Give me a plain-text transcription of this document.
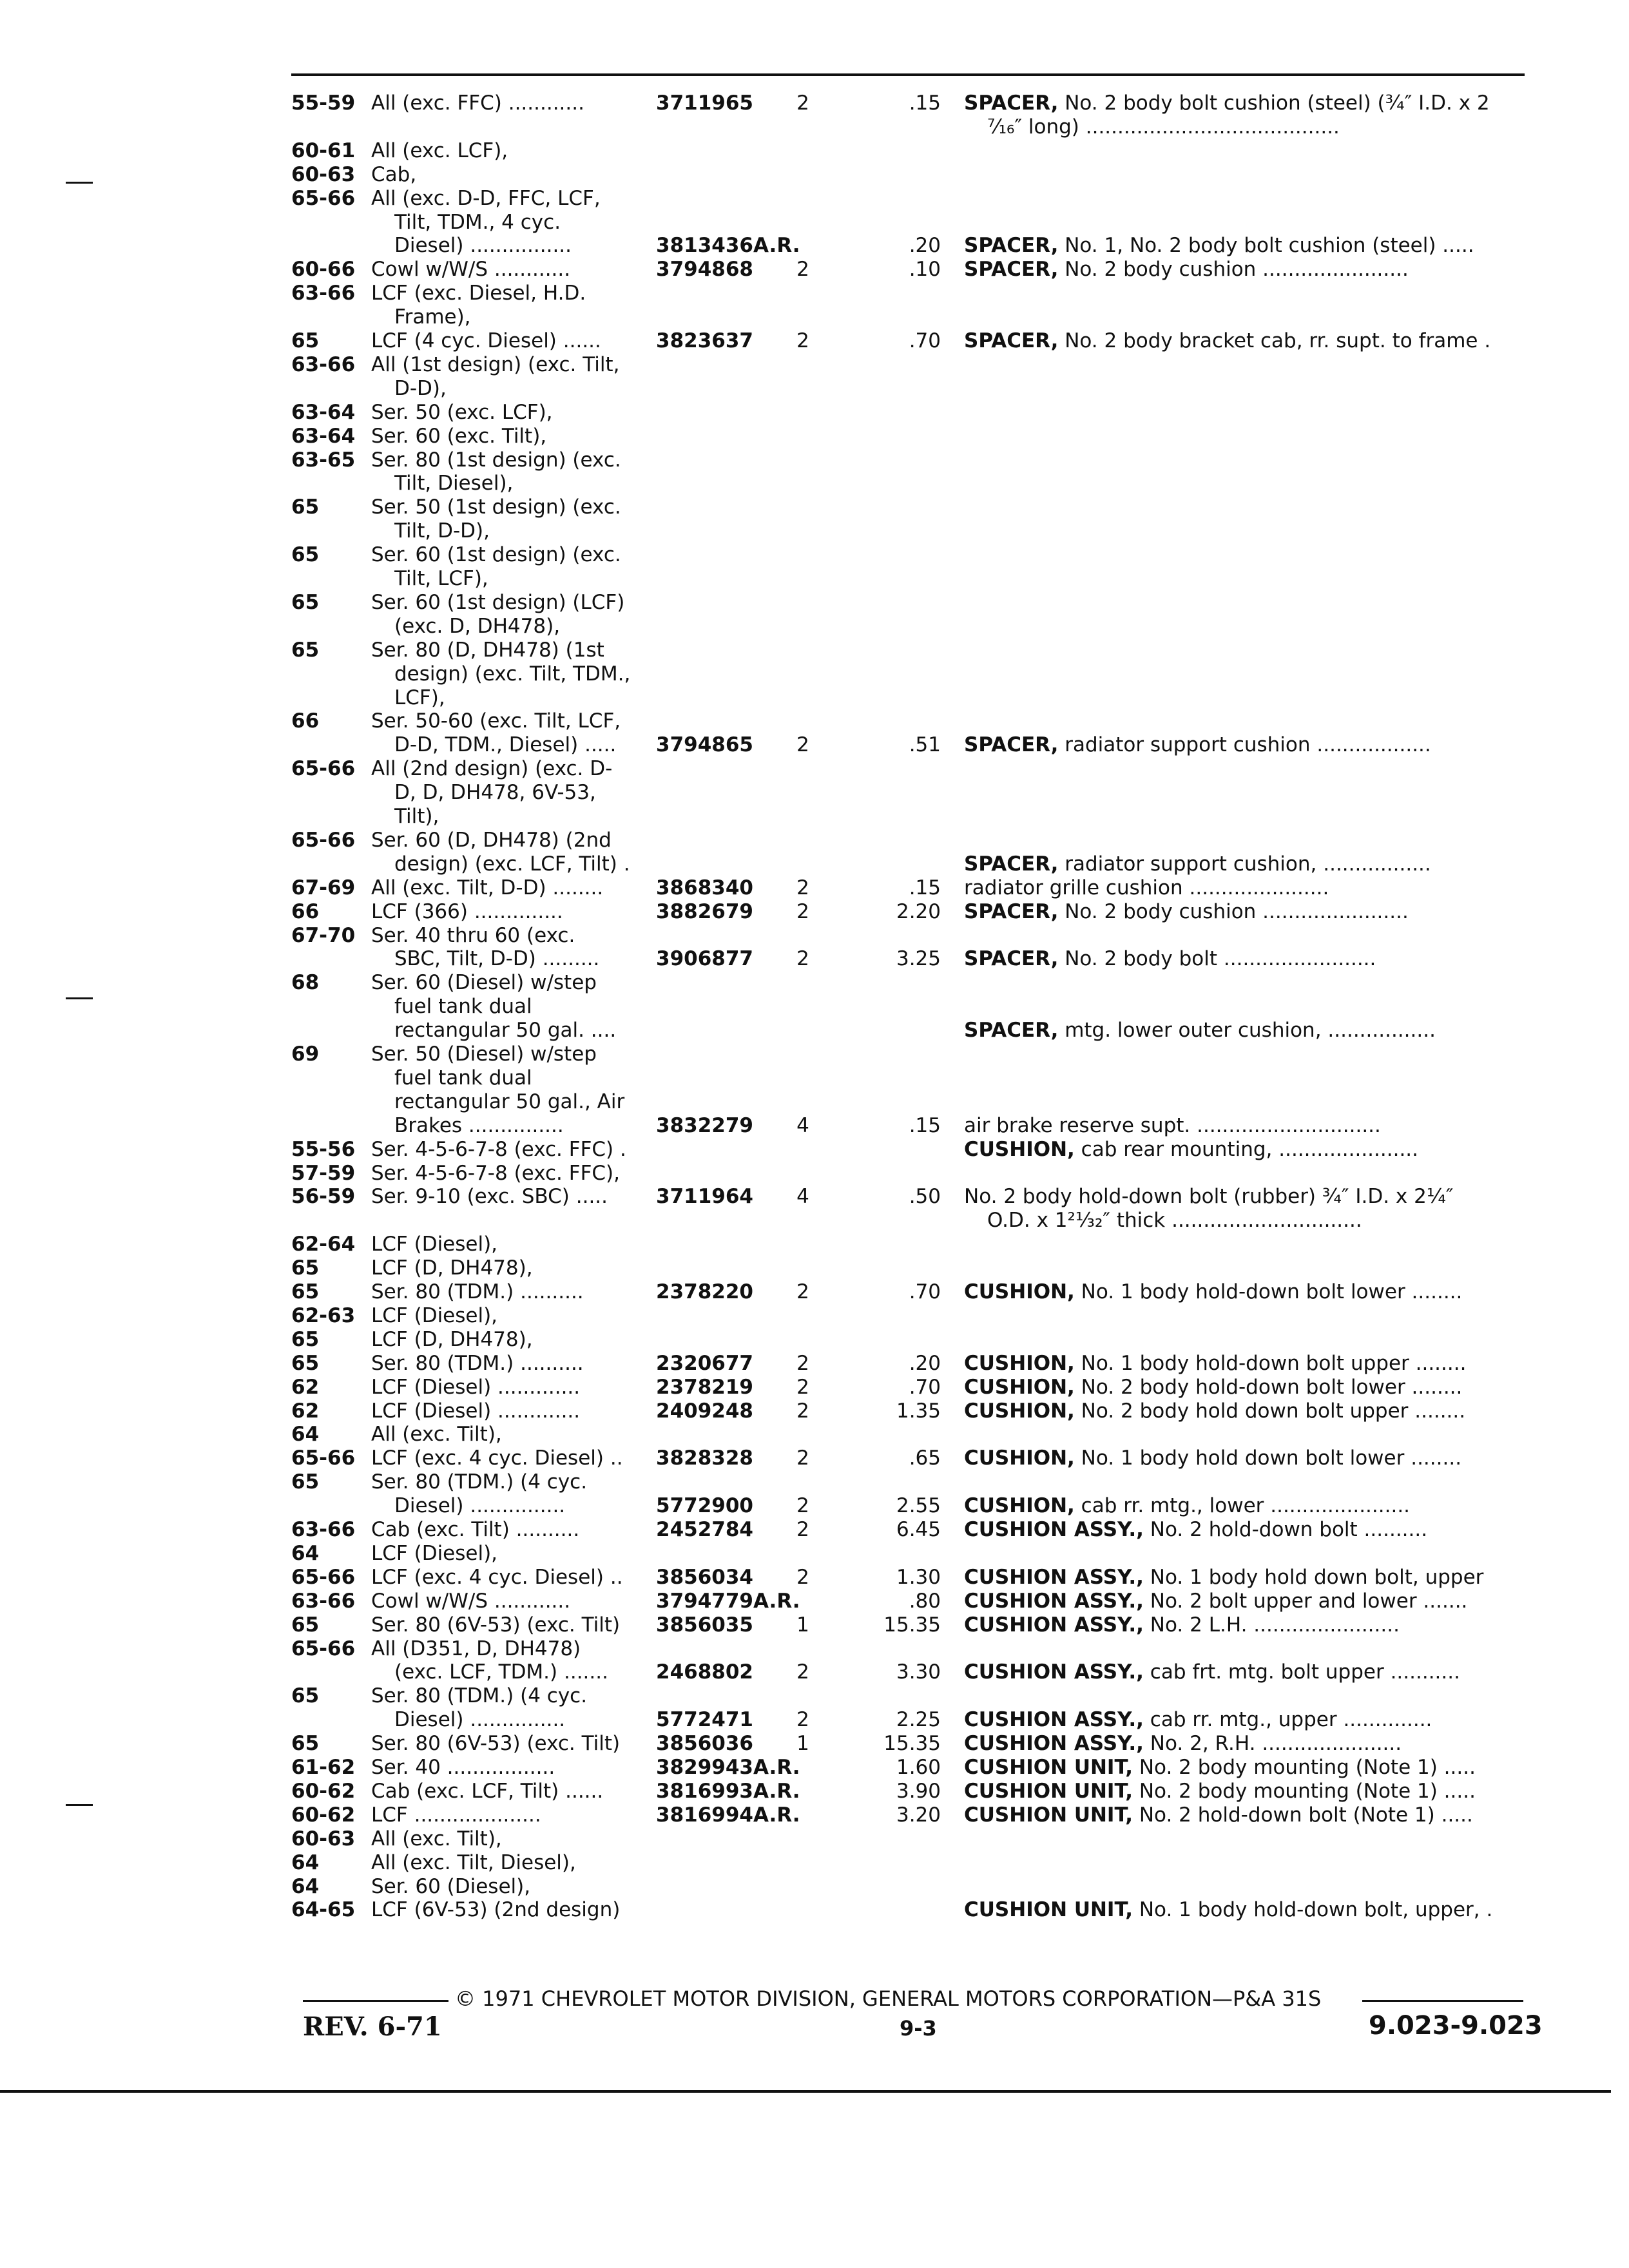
55-59 All (exc. FFC) ............	3711965	2	.15 SPACER, No. 2 body bolt cushion (steel) (¾″ I.D. x 2
⁷⁄₁₆″ long) ........................................
60-61 All (exc. LCF),
60-63 Cab,
65-66 All (exc. D-D, FFC, LCF,
Tilt, TDM., 4 cyc.
Diesel) ................	3813436A.R.	.20 SPACER, No. 1, No. 2 body bolt cushion (steel) .....
60-66 Cowl w/W/S ............	3794868	2	.10 SPACER, No. 2 body cushion .......................
63-66 LCF (exc. Diesel, H.D.
Frame),
65	LCF (4 cyc. Diesel) ......	3823637	2	.70 SPACER, No. 2 body bracket cab, rr. supt. to frame .
63-66 All (1st design) (exc. Tilt,
D-D),
63-64 Ser. 50 (exc. LCF),
63-64 Ser. 60 (exc. Tilt),
63-65 Ser. 80 (1st design) (exc.
Tilt, Diesel),
65	Ser. 50 (1st design) (exc.
Tilt, D-D),
65	Ser. 60 (1st design) (exc.
Tilt, LCF),
65	Ser. 60 (1st design) (LCF)
(exc. D, DH478),
65	Ser. 80 (D, DH478) (1st
design) (exc. Tilt, TDM.,
LCF),
66	Ser. 50-60 (exc. Tilt, LCF,
D-D, TDM., Diesel) .....	3794865	2	.51 SPACER, radiator support cushion ..................
65-66 All (2nd design) (exc. D-
D, D, DH478, 6V-53,
Tilt),
65-66 Ser. 60 (D, DH478) (2nd
design) (exc. LCF, Tilt) .	SPACER, radiator support cushion, .................
67-69 All (exc. Tilt, D-D) ........	3868340	2	.15 radiator grille cushion ......................
66	LCF (366) ..............	3882679	2	2.20 SPACER, No. 2 body cushion .......................
67-70 Ser. 40 thru 60 (exc.
SBC, Tilt, D-D) .........	3906877	2	3.25 SPACER, No. 2 body bolt ........................
68	Ser. 60 (Diesel) w/step
fuel tank dual
rectangular 50 gal. ....	SPACER, mtg. lower outer cushion, .................
69	Ser. 50 (Diesel) w/step
fuel tank dual
rectangular 50 gal., Air
Brakes ...............	3832279	4	.15 air brake reserve supt. .............................
55-56 Ser. 4-5-6-7-8 (exc. FFC) .	CUSHION, cab rear mounting, ......................
57-59 Ser. 4-5-6-7-8 (exc. FFC),
56-59 Ser. 9-10 (exc. SBC) .....	3711964	4	.50 No. 2 body hold-down bolt (rubber) ¾″ I.D. x 2¼″
O.D. x 1²¹⁄₃₂″ thick ..............................
62-64 LCF (Diesel),
65	LCF (D, DH478),
65	Ser. 80 (TDM.) ..........	2378220	2	.70 CUSHION, No. 1 body hold-down bolt lower ........
62-63 LCF (Diesel),
65	LCF (D, DH478),
65	Ser. 80 (TDM.) ..........	2320677	2	.20 CUSHION, No. 1 body hold-down bolt upper ........
62	LCF (Diesel) .............	2378219	2	.70 CUSHION, No. 2 body hold-down bolt lower ........
62	LCF (Diesel) .............	2409248	2	1.35 CUSHION, No. 2 body hold down bolt upper ........
64	All (exc. Tilt),
65-66 LCF (exc. 4 cyc. Diesel) ..	3828328	2	.65 CUSHION, No. 1 body hold down bolt lower ........
65	Ser. 80 (TDM.) (4 cyc.
Diesel) ...............	5772900	2	2.55 CUSHION, cab rr. mtg., lower ......................
63-66 Cab (exc. Tilt) ..........	2452784	2	6.45 CUSHION ASSY., No. 2 hold-down bolt ..........
64	LCF (Diesel),
65-66 LCF (exc. 4 cyc. Diesel) ..	3856034	2	1.30 CUSHION ASSY., No. 1 body hold down bolt, upper
63-66 Cowl w/W/S ............	3794779A.R.	.80 CUSHION ASSY., No. 2 bolt upper and lower .......
65	Ser. 80 (6V-53) (exc. Tilt)	3856035	1	15.35 CUSHION ASSY., No. 2 L.H. .......................
65-66 All (D351, D, DH478)
(exc. LCF, TDM.) .......	2468802	2	3.30 CUSHION ASSY., cab frt. mtg. bolt upper ...........
65	Ser. 80 (TDM.) (4 cyc.
Diesel) ...............	5772471	2	2.25 CUSHION ASSY., cab rr. mtg., upper ..............
65	Ser. 80 (6V-53) (exc. Tilt)	3856036	1	15.35 CUSHION ASSY., No. 2, R.H. ......................
61-62 Ser. 40 .................	3829943A.R.	1.60 CUSHION UNIT, No. 2 body mounting (Note 1) .....
60-62 Cab (exc. LCF, Tilt) ......	3816993A.R.	3.90 CUSHION UNIT, No. 2 body mounting (Note 1) .....
60-62 LCF ....................	3816994A.R.	3.20 CUSHION UNIT, No. 2 hold-down bolt (Note 1) .....
60-63 All (exc. Tilt),
64	All (exc. Tilt, Diesel),
64	Ser. 60 (Diesel),
64-65 LCF (6V-53) (2nd design)	CUSHION UNIT, No. 1 body hold-down bolt, upper, .
© 1971 CHEVROLET MOTOR DIVISION, GENERAL MOTORS CORPORATION—P&A 31S
REV. 6-71	9-3	9.023-9.023
